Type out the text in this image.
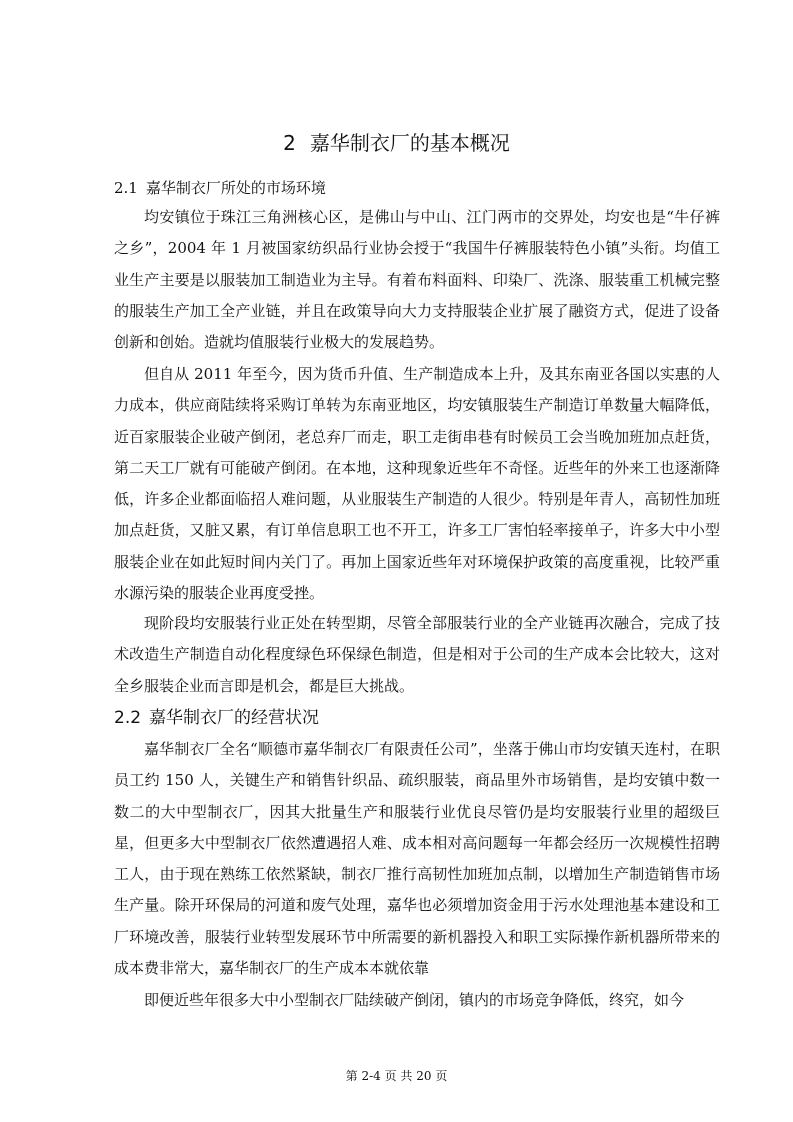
2 嘉华制衣厂的基本概况
2.1 嘉华制衣厂所处的市场环境

均安镇位于珠江三角洲核心区，是佛山与中山、江门两市的交界处，均安也是“牛仔裤之乡”，2004 年 1 月被国家纺织品行业协会授于“我国牛仔裤服装特色小镇”头衔。均值工业生产主要是以服装加工制造业为主导。有着布料面料、印染厂、洗涤、服装重工机械完整的服装生产加工全产业链，并且在政策导向大力支持服装企业扩展了融资方式，促进了设备创新和创始。造就均值服装行业极大的发展趋势。

但自从 2011 年至今，因为货币升值、生产制造成本上升，及其东南亚各国以实惠的人力成本，供应商陆续将采购订单转为东南亚地区，均安镇服装生产制造订单数量大幅降低，近百家服装企业破产倒闭，老总弃厂而走，职工走街串巷有时候员工会当晚加班加点赶货，第二天工厂就有可能破产倒闭。在本地，这种现象近些年不奇怪。近些年的外来工也逐渐降低，许多企业都面临招人难问题，从业服装生产制造的人很少。特别是年青人，高韧性加班加点赶货，又脏又累，有订单信息职工也不开工，许多工厂害怕轻率接单子，许多大中小型服装企业在如此短时间内关门了。再加上国家近些年对环境保护政策的高度重视，比较严重水源污染的服装企业再度受挫。

现阶段均安服装行业正处在转型期，尽管全部服装行业的全产业链再次融合，完成了技术改造生产制造自动化程度绿色环保绿色制造，但是相对于公司的生产成本会比较大，这对全乡服装企业而言即是机会，都是巨大挑战。

2.2 嘉华制衣厂的经营状况

嘉华制衣厂全名“顺德市嘉华制衣厂有限责任公司”，坐落于佛山市均安镇天连村，在职员工约 150 人，关键生产和销售针织品、疏织服装，商品里外市场销售，是均安镇中数一数二的大中型制衣厂，因其大批量生产和服装行业优良尽管仍是均安服装行业里的超级巨星，但更多大中型制衣厂依然遭遇招人难、成本相对高问题每一年都会经历一次规模性招聘工人，由于现在熟练工依然紧缺，制衣厂推行高韧性加班加点制，以增加生产制造销售市场生产量。除开环保局的河道和废气处理，嘉华也必须增加资金用于污水处理池基本建设和工厂环境改善，服装行业转型发展环节中所需要的新机器投入和职工实际操作新机器所带来的成本费非常大，嘉华制衣厂的生产成本本就依靠

即便近些年很多大中小型制衣厂陆续破产倒闭，镇内的市场竞争降低，终究，如今

第 2-4 页 共 20 页
